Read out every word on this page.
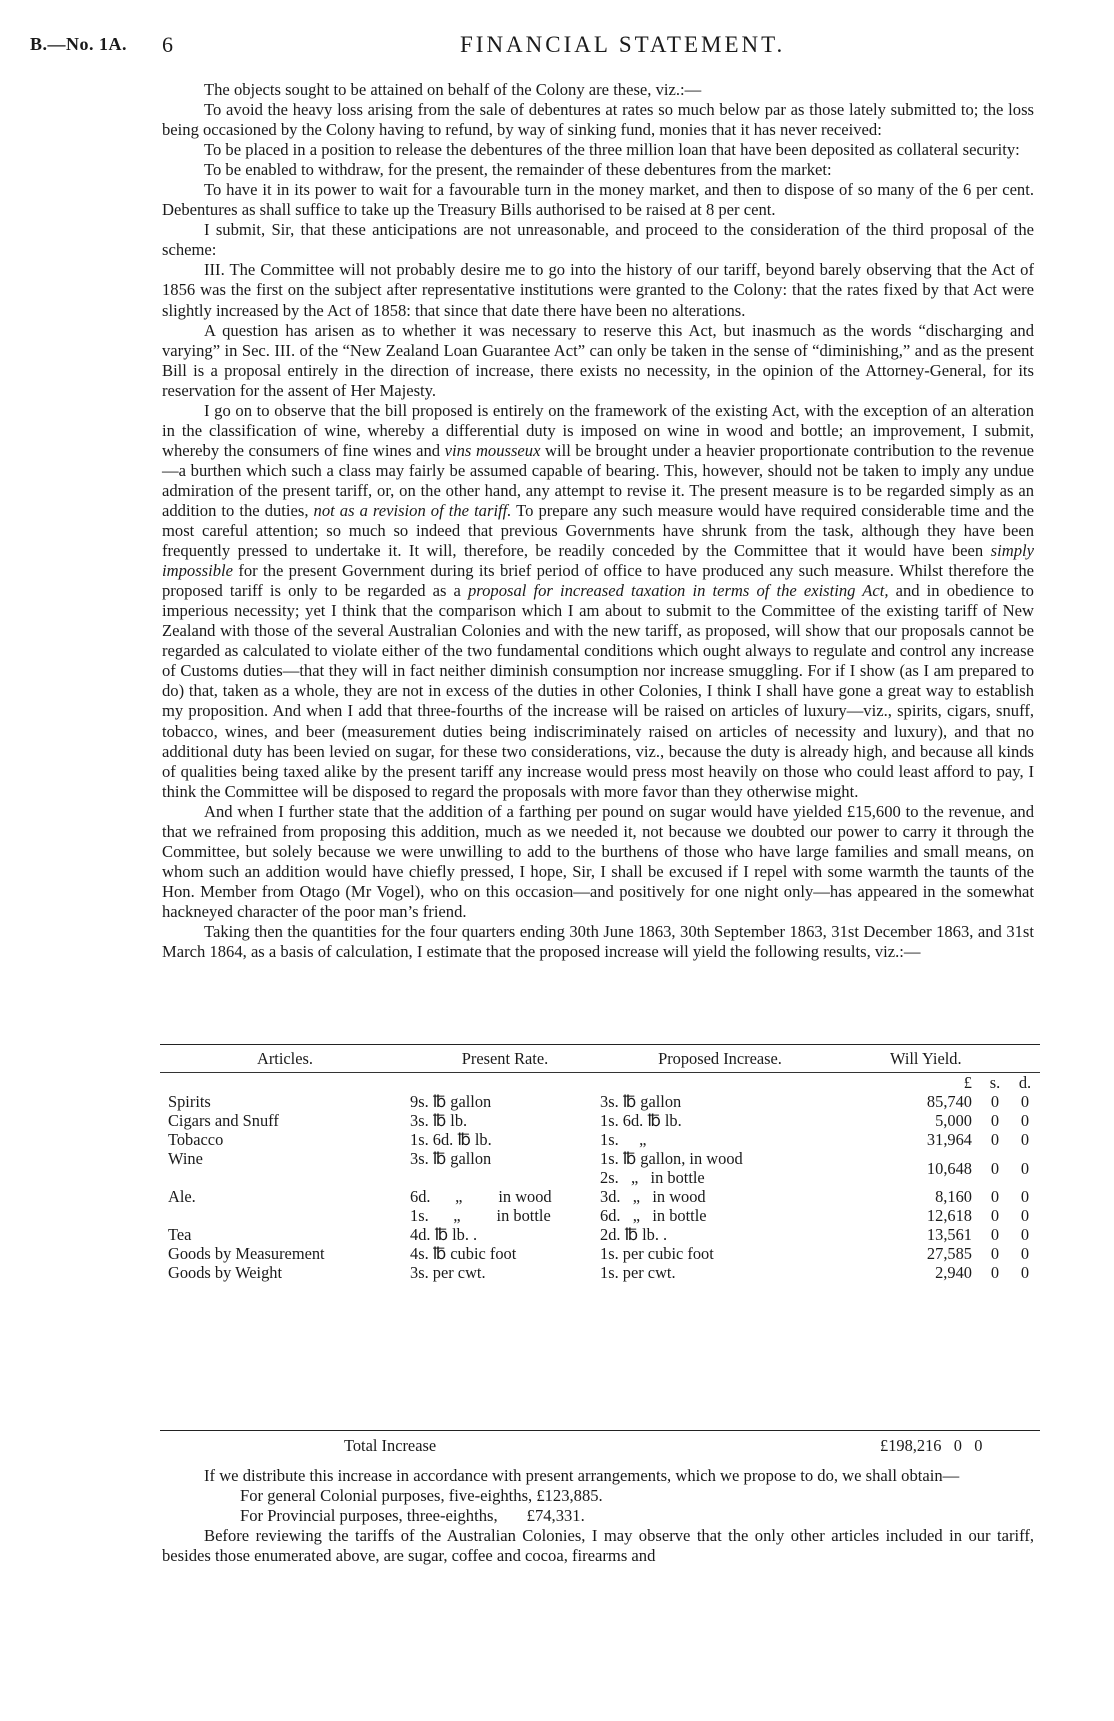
B.—No. 1A. 6	FINANCIAL STATEMENT.

The objects sought to be attained on behalf of the Colony are these, viz.:—

To avoid the heavy loss arising from the sale of debentures at rates so much below par as those lately submitted to; the loss being occasioned by the Colony having to refund, by way of sinking fund, monies that it has never received:

To be placed in a position to release the debentures of the three million loan that have been deposited as collateral security:

To be enabled to withdraw, for the present, the remainder of these debentures from the market:

To have it in its power to wait for a favourable turn in the money market, and then to dispose of so many of the 6 per cent. Debentures as shall suffice to take up the Treasury Bills authorised to be raised at 8 per cent.

I submit, Sir, that these anticipations are not unreasonable, and proceed to the consideration of the third proposal of the scheme:

III. The Committee will not probably desire me to go into the history of our tariff, beyond barely observing that the Act of 1856 was the first on the subject after representative institutions were granted to the Colony: that the rates fixed by that Act were slightly increased by the Act of 1858: that since that date there have been no alterations.

A question has arisen as to whether it was necessary to reserve this Act, but inasmuch as the words “discharging and varying” in Sec. III. of the “New Zealand Loan Guarantee Act” can only be taken in the sense of “diminishing,” and as the present Bill is a proposal entirely in the direction of increase, there exists no necessity, in the opinion of the Attorney-General, for its reservation for the assent of Her Majesty.

I go on to observe that the bill proposed is entirely on the framework of the existing Act, with the exception of an alteration in the classification of wine, whereby a differential duty is imposed on wine in wood and bottle; an improvement, I submit, whereby the consumers of fine wines and vins mousseux will be brought under a heavier proportionate contribution to the revenue—a burthen which such a class may fairly be assumed capable of bearing. This, however, should not be taken to imply any undue admiration of the present tariff, or, on the other hand, any attempt to revise it. The present measure is to be regarded simply as an addition to the duties, not as a revision of the tariff. To prepare any such measure would have required considerable time and the most careful attention; so much so indeed that previous Governments have shrunk from the task, although they have been frequently pressed to undertake it. It will, therefore, be readily conceded by the Committee that it would have been simply impossible for the present Government during its brief period of office to have produced any such measure. Whilst therefore the proposed tariff is only to be regarded as a proposal for increased taxation in terms of the existing Act, and in obedience to imperious necessity; yet I think that the comparison which I am about to submit to the Committee of the existing tariff of New Zealand with those of the several Australian Colonies and with the new tariff, as proposed, will show that our proposals cannot be regarded as calculated to violate either of the two fundamental conditions which ought always to regulate and control any increase of Customs duties—that they will in fact neither diminish consumption nor increase smuggling. For if I show (as I am prepared to do) that, taken as a whole, they are not in excess of the duties in other Colonies, I think I shall have gone a great way to establish my proposition. And when I add that three-fourths of the increase will be raised on articles of luxury—viz., spirits, cigars, snuff, tobacco, wines, and beer (measurement duties being indiscriminately raised on articles of necessity and luxury), and that no additional duty has been levied on sugar, for these two considerations, viz., because the duty is already high, and because all kinds of qualities being taxed alike by the present tariff any increase would press most heavily on those who could least afford to pay, I think the Committee will be disposed to regard the proposals with more favor than they otherwise might.

And when I further state that the addition of a farthing per pound on sugar would have yielded £15,600 to the revenue, and that we refrained from proposing this addition, much as we needed it, not because we doubted our power to carry it through the Committee, but solely because we were unwilling to add to the burthens of those who have large families and small means, on whom such an addition would have chiefly pressed, I hope, Sir, I shall be excused if I repel with some warmth the taunts of the Hon. Member from Otago (Mr Vogel), who on this occasion—and positively for one night only—has appeared in the somewhat hackneyed character of the poor man’s friend.

Taking then the quantities for the four quarters ending 30th June 1863, 30th September 1863, 31st December 1863, and 31st March 1864, as a basis of calculation, I estimate that the proposed increase will yield the following results, viz.:—

Articles.	Present Rate.	Proposed Increase.	Will Yield.		
			£	s.	d.
Spirits	9s. ℔ gallon	3s. ℔ gallon	85,740	0	0
Cigars and Snuff	3s. ℔ lb.	1s. 6d. ℔ lb.	5,000	0	0
Tobacco	1s. 6d. ℔ lb.	1s.     „	31,964	0	0
Wine	3s. ℔ gallon	1s. ℔ gallon, in wood
2s.   „   in bottle	10,648	0	0
Ale.	6d.      „ in wood	3d.   „   in wood	8,160	0	0
	1s.      „ in bottle	6d.   „   in bottle	12,618	0	0
Tea	4d. ℔ lb. .	2d. ℔ lb. .	13,561	0	0
Goods by Measurement	4s. ℔ cubic foot	1s. per cubic foot	27,585	0	0
Goods by Weight	3s. per cwt.	1s. per cwt.	2,940	0	0
Total Increase	£198,216 0 0

If we distribute this increase in accordance with present arrangements, which we propose to do, we shall obtain—

For general Colonial purposes, five-eighths, £123,885.

For Provincial purposes, three-eighths,       £74,331.

Before reviewing the tariffs of the Australian Colonies, I may observe that the only other articles included in our tariff, besides those enumerated above, are sugar, coffee and cocoa, firearms and
